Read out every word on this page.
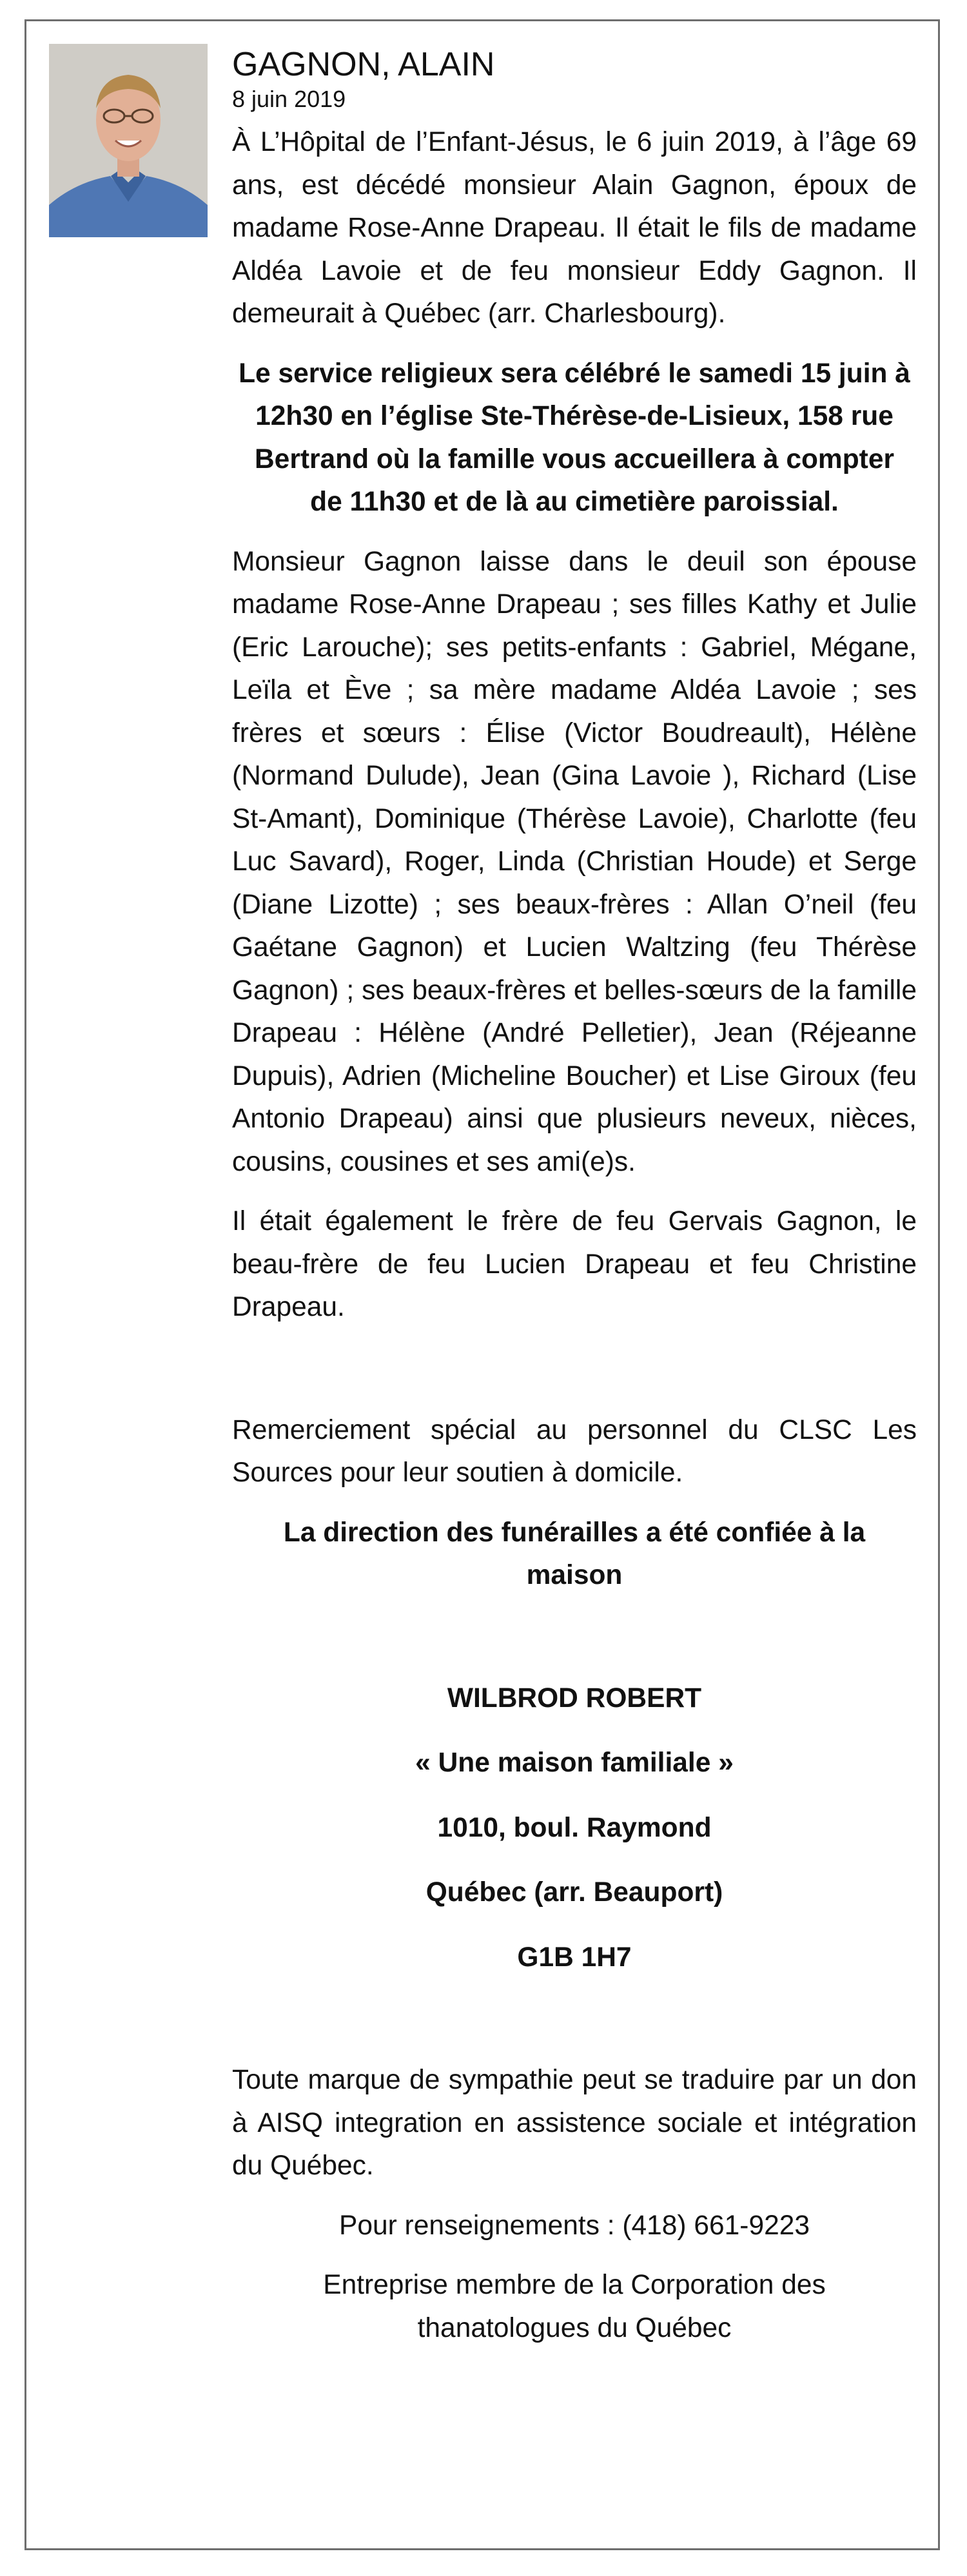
GAGNON, ALAIN
8 juin 2019

À L’Hôpital de l’Enfant-Jésus, le 6 juin 2019, à l’âge 69 ans, est décédé monsieur Alain Gagnon, époux de madame Rose-Anne Drapeau. Il était le fils de madame Aldéa Lavoie et de feu monsieur Eddy Gagnon. Il demeurait à Québec (arr. Charlesbourg).

Le service religieux sera célébré le samedi 15 juin à 12h30 en l’église Ste-Thérèse-de-Lisieux, 158 rue Bertrand où la famille vous accueillera à compter de 11h30 et de là au cimetière paroissial.

Monsieur Gagnon laisse dans le deuil son épouse madame Rose-Anne Drapeau ; ses filles Kathy et Julie (Eric Larouche); ses petits-enfants : Gabriel, Mégane, Leïla et Ève ; sa mère madame Aldéa Lavoie ; ses frères et sœurs : Élise (Victor Boudreault), Hélène (Normand Dulude), Jean (Gina Lavoie ), Richard (Lise St-Amant), Dominique (Thérèse Lavoie), Charlotte (feu Luc Savard), Roger, Linda (Christian Houde) et Serge (Diane Lizotte) ; ses beaux-frères : Allan O’neil (feu Gaétane Gagnon) et Lucien Waltzing (feu Thérèse Gagnon) ; ses beaux-frères et belles-sœurs de la famille Drapeau : Hélène (André Pelletier), Jean (Réjeanne Dupuis), Adrien (Micheline Boucher) et Lise Giroux (feu Antonio Drapeau) ainsi que plusieurs neveux, nièces, cousins, cousines et ses ami(e)s.

Il était également le frère de feu Gervais Gagnon, le beau-frère de feu Lucien Drapeau et feu Christine Drapeau.

Remerciement spécial au personnel du CLSC Les Sources pour leur soutien à domicile.

La direction des funérailles a été confiée à la maison

WILBROD ROBERT

« Une maison familiale »

1010, boul. Raymond

Québec (arr. Beauport)

G1B 1H7

Toute marque de sympathie peut se traduire par un don à AISQ integration en assistence sociale et intégration du Québec.

Pour renseignements : (418) 661-9223

Entreprise membre de la Corporation des

thanatologues du Québec
